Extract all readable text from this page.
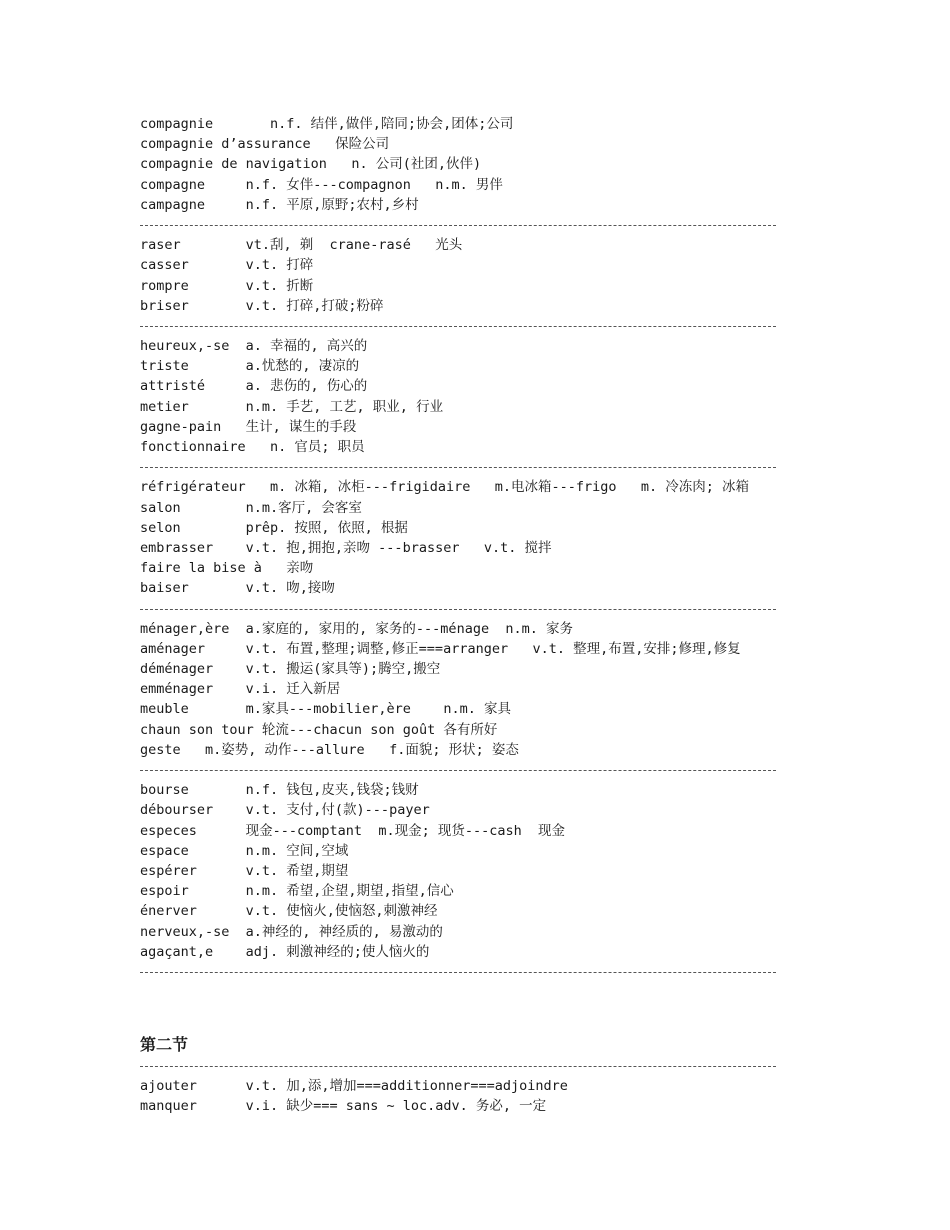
compagnie       n.f. 结伴,做伴,陪同;协会,团体;公司
compagnie d’assurance   保险公司
compagnie de navigation   n. 公司(社团,伙伴)
compagne     n.f. 女伴---compagnon   n.m. 男伴
campagne     n.f. 平原,原野;农村,乡村
raser        vt.刮, 剃  crane-rasé   光头
casser       v.t. 打碎
rompre       v.t. 折断
briser       v.t. 打碎,打破;粉碎
heureux,-se  a. 幸福的, 高兴的
triste       a.忧愁的, 凄凉的
attristé     a. 悲伤的, 伤心的
metier       n.m. 手艺, 工艺, 职业, 行业
gagne-pain   生计, 谋生的手段
fonctionnaire   n. 官员; 职员
réfrigérateur   m. 冰箱, 冰柜---frigidaire   m.电冰箱---frigo   m. 冷冻肉; 冰箱
salon        n.m.客厅, 会客室
selon        prêp. 按照, 依照, 根据
embrasser    v.t. 抱,拥抱,亲吻 ---brasser   v.t. 搅拌
faire la bise à   亲吻
baiser       v.t. 吻,接吻
ménager,ère  a.家庭的, 家用的, 家务的---ménage  n.m. 家务
aménager     v.t. 布置,整理;调整,修正===arranger   v.t. 整理,布置,安排;修理,修复
déménager    v.t. 搬运(家具等);腾空,搬空
emménager    v.i. 迁入新居
meuble       m.家具---mobilier,ère    n.m. 家具
chaun son tour 轮流---chacun son goût 各有所好
geste   m.姿势, 动作---allure   f.面貌; 形状; 姿态
bourse       n.f. 钱包,皮夹,钱袋;钱财
débourser    v.t. 支付,付(款)---payer
especes      现金---comptant  m.现金; 现货---cash  现金
espace       n.m. 空间,空域
espérer      v.t. 希望,期望
espoir       n.m. 希望,企望,期望,指望,信心
énerver      v.t. 使恼火,使恼怒,刺激神经
nerveux,-se  a.神经的, 神经质的, 易激动的
agaçant,e    adj. 刺激神经的;使人恼火的
第二节
ajouter      v.t. 加,添,增加===additionner===adjoindre
manquer      v.i. 缺少=== sans ~ loc.adv. 务必, 一定
